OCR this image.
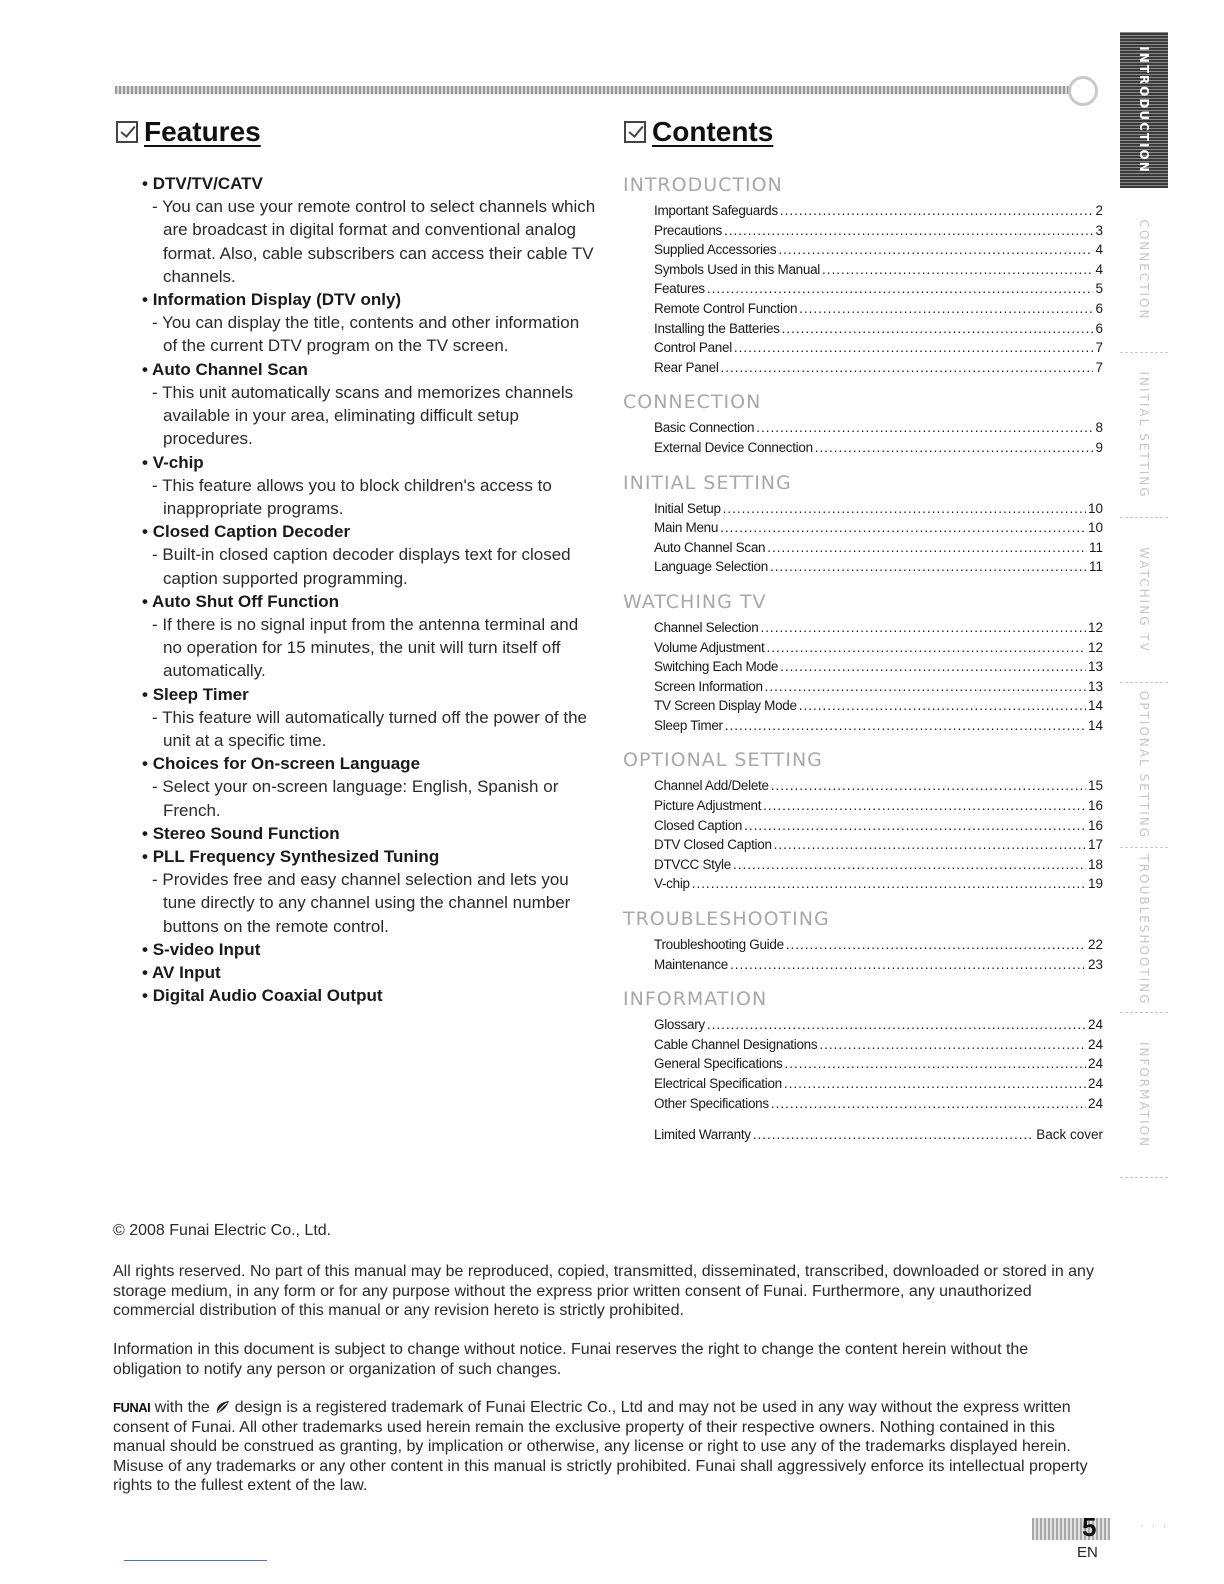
INTRODUCTION
CONNECTION
INITIAL SETTING
WATCHING TV
OPTIONAL SETTING
TROUBLESHOOTING
INFORMATION
Features	Contents
• DTV/TV/CATV
- You can use your remote control to select channels which are broadcast in digital format and conventional analog format. Also, cable subscribers can access their cable TV channels.
• Information Display (DTV only)
- You can display the title, contents and other information of the current DTV program on the TV screen.
• Auto Channel Scan
- This unit automatically scans and memorizes channels available in your area, eliminating difficult setup procedures.
• V-chip
- This feature allows you to block children's access to inappropriate programs.
• Closed Caption Decoder
- Built-in closed caption decoder displays text for closed caption supported programming.
• Auto Shut Off Function
- If there is no signal input from the antenna terminal and no operation for 15 minutes, the unit will turn itself off automatically.
• Sleep Timer
- This feature will automatically turned off the power of the unit at a specific time.
• Choices for On-screen Language
- Select your on-screen language: English, Spanish or French.
• Stereo Sound Function
• PLL Frequency Synthesized Tuning
- Provides free and easy channel selection and lets you tune directly to any channel using the channel number buttons on the remote control.
• S-video Input
• AV Input
• Digital Audio Coaxial Output
INTRODUCTION
Important Safeguards .....	2
Precautions .....	3
Supplied Accessories .....	4
Symbols Used in this Manual .....	4
Features .....	5
Remote Control Function .....	6
Installing the Batteries .....	6
Control Panel .....	7
Rear Panel .....	7
CONNECTION
Basic Connection .....	8
External Device Connection .....	9
INITIAL SETTING
Initial Setup .....	10
Main Menu .....	10
Auto Channel Scan .....	11
Language Selection .....	11
WATCHING TV
Channel Selection .....	12
Volume Adjustment .....	12
Switching Each Mode .....	13
Screen Information .....	13
TV Screen Display Mode .....	14
Sleep Timer .....	14
OPTIONAL SETTING
Channel Add/Delete .....	15
Picture Adjustment .....	16
Closed Caption .....	16
DTV Closed Caption .....	17
DTVCC Style .....	18
V-chip .....	19
TROUBLESHOOTING
Troubleshooting Guide .....	22
Maintenance .....	23
INFORMATION
Glossary .....	24
Cable Channel Designations .....	24
General Specifications .....	24
Electrical Specification .....	24
Other Specifications .....	24
Limited Warranty .....	Back cover
© 2008 Funai Electric Co., Ltd.

All rights reserved. No part of this manual may be reproduced, copied, transmitted, disseminated, transcribed, downloaded or stored in any storage medium, in any form or for any purpose without the express prior written consent of Funai. Furthermore, any unauthorized commercial distribution of this manual or any revision hereto is strictly prohibited.

Information in this document is subject to change without notice. Funai reserves the right to change the content herein without the obligation to notify any person or organization of such changes.

FUNAI with the design is a registered trademark of Funai Electric Co., Ltd and may not be used in any way without the express written consent of Funai. All other trademarks used herein remain the exclusive property of their respective owners. Nothing contained in this manual should be construed as granting, by implication or otherwise, any license or right to use any of the trademarks displayed herein. Misuse of any trademarks or any other content in this manual is strictly prohibited. Funai shall aggressively enforce its intellectual property rights to the fullest extent of the law.

5
EN
· · ·
